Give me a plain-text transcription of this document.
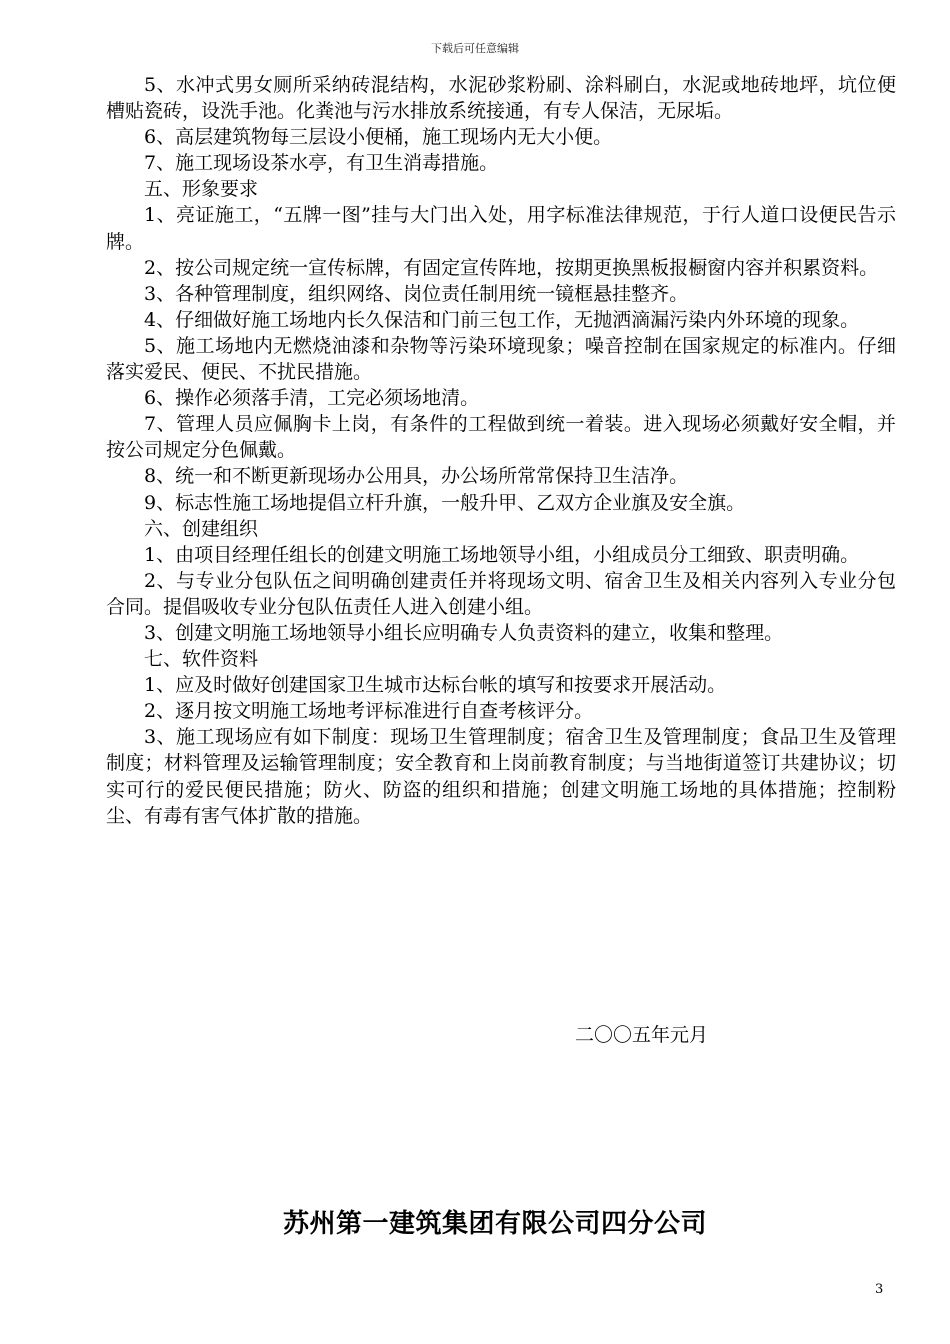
下载后可任意编辑

5、水冲式男女厕所采纳砖混结构，水泥砂浆粉刷、涂料刷白，水泥或地砖地坪，坑位便槽贴瓷砖，设洗手池。化粪池与污水排放系统接通，有专人保洁，无尿垢。

6、高层建筑物每三层设小便桶，施工现场内无大小便。

7、施工现场设茶水亭，有卫生消毒措施。

五、形象要求

1、亮证施工，“五牌一图”挂与大门出入处，用字标准法律规范，于行人道口设便民告示牌。

2、按公司规定统一宣传标牌，有固定宣传阵地，按期更换黑板报橱窗内容并积累资料。

3、各种管理制度，组织网络、岗位责任制用统一镜框悬挂整齐。

4、仔细做好施工场地内长久保洁和门前三包工作，无抛洒滴漏污染内外环境的现象。

5、施工场地内无燃烧油漆和杂物等污染环境现象；噪音控制在国家规定的标准内。仔细落实爱民、便民、不扰民措施。

6、操作必须落手清，工完必须场地清。

7、管理人员应佩胸卡上岗，有条件的工程做到统一着装。进入现场必须戴好安全帽，并按公司规定分色佩戴。

8、统一和不断更新现场办公用具，办公场所常常保持卫生洁净。

9、标志性施工场地提倡立杆升旗，一般升甲、乙双方企业旗及安全旗。

六、创建组织

1、由项目经理任组长的创建文明施工场地领导小组，小组成员分工细致、职责明确。

2、与专业分包队伍之间明确创建责任并将现场文明、宿舍卫生及相关内容列入专业分包合同。提倡吸收专业分包队伍责任人进入创建小组。

3、创建文明施工场地领导小组长应明确专人负责资料的建立，收集和整理。

七、软件资料

1、应及时做好创建国家卫生城市达标台帐的填写和按要求开展活动。

2、逐月按文明施工场地考评标准进行自查考核评分。

3、施工现场应有如下制度：现场卫生管理制度；宿舍卫生及管理制度；食品卫生及管理制度；材料管理及运输管理制度；安全教育和上岗前教育制度；与当地街道签订共建协议；切实可行的爱民便民措施；防火、防盗的组织和措施；创建文明施工场地的具体措施；控制粉尘、有毒有害气体扩散的措施。

二〇〇五年元月
苏州第一建筑集团有限公司四分公司
3
